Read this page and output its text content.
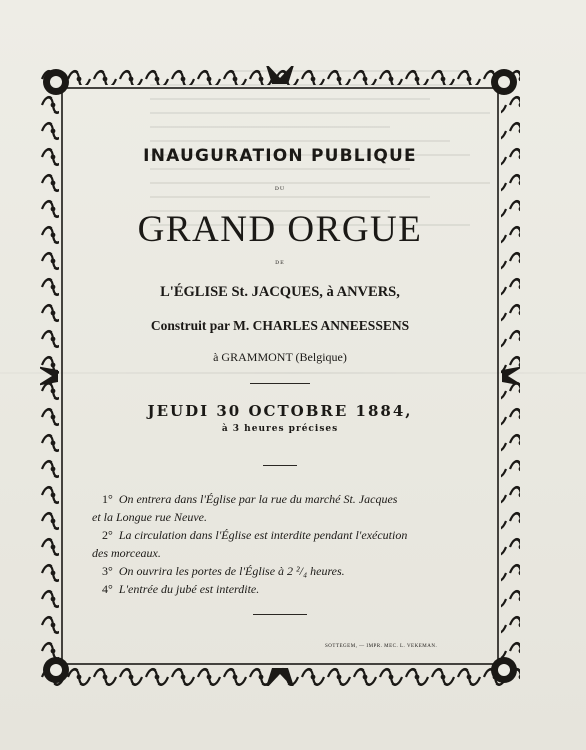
INAUGURATION PUBLIQUE
DU
GRAND ORGUE
DE
L'ÉGLISE St. JACQUES, à ANVERS,
Construit par M. CHARLES ANNEESSENS
à GRAMMONT (Belgique)
JEUDI 30 OCTOBRE 1884,
à 3 heures précises
1° On entrera dans l'Église par la rue du marché St. Jacques
et la Longue rue Neuve.
2° La circulation dans l'Église est interdite pendant l'exécution
des morceaux.
3° On ouvrira les portes de l'Église à 2 ²/₄ heures.
4° L'entrée du jubé est interdite.
SOTTEGEM, — IMPR. MEC. L. VEKEMAN.
